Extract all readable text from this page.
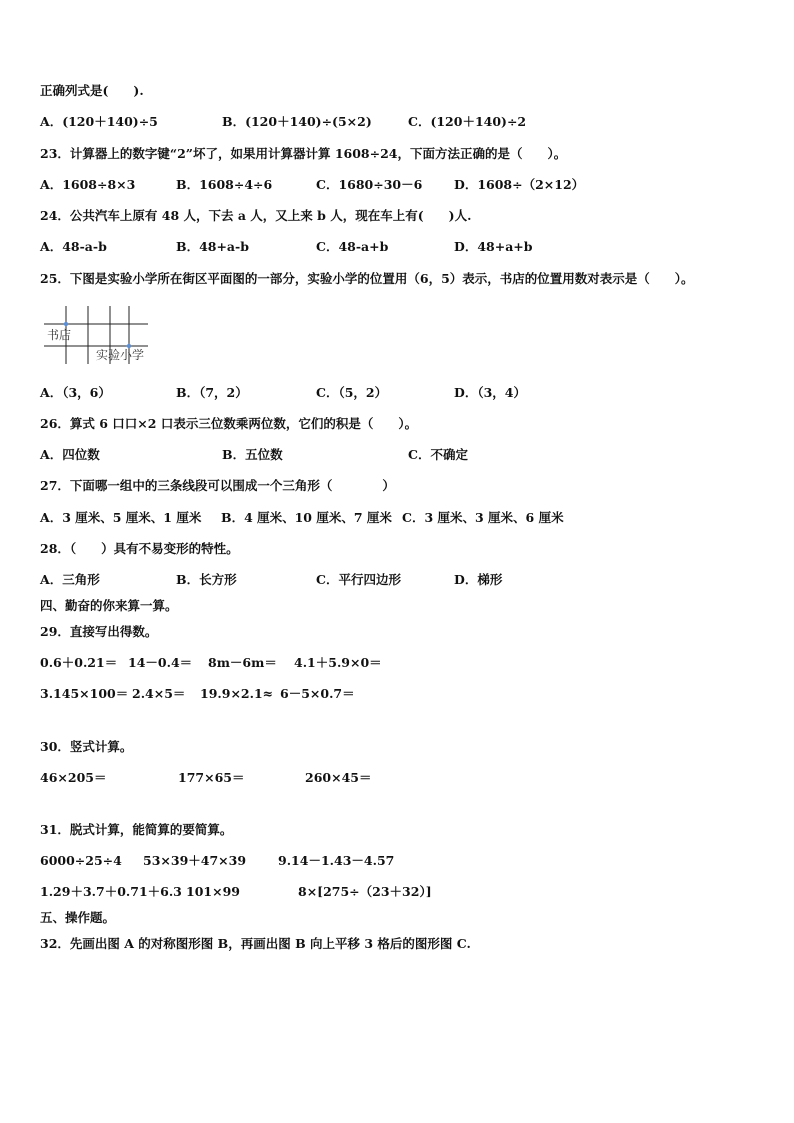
正确列式是(　　).
A．(120＋140)÷5	B．(120＋140)÷(5×2)	C．(120＋140)÷2
23．计算器上的数字键“2”坏了，如果用计算器计算 1608÷24，下面方法正确的是（　　）。
A．1608÷8×3	B．1608÷4÷6	C．1680÷30－6	D．1608÷（2×12）
24．公共汽车上原有 48 人，下去 a 人，又上来 b 人，现在车上有(　　)人.
A．48-a-b	B．48+a-b	C．48-a+b	D．48+a+b
25．下图是实验小学所在街区平面图的一部分，实验小学的位置用（6，5）表示，书店的位置用数对表示是（　　）。
书店
实验小学
A．（3，6）	B．（7，2）	C．（5，2）	D．（3，4）
26．算式 6 口口×2 口表示三位数乘两位数，它们的积是（　　）。
A．四位数	B．五位数	C．不确定
27．下面哪一组中的三条线段可以围成一个三角形（　　　　）
A．3 厘米、5 厘米、1 厘米 B．4 厘米、10 厘米、7 厘米 C．3 厘米、3 厘米、6 厘米
28．（　　）具有不易变形的特性。
A．三角形	B．长方形	C．平行四边形	D．梯形
四、勤奋的你来算一算。
29．直接写出得数。
0.6＋0.21＝ 14－0.4＝ 8m－6m＝ 4.1＋5.9×0＝
3.145×100＝ 2.4×5＝ 19.9×2.1≈ 6－5×0.7＝
30．竖式计算。
46×205＝	177×65＝	260×45＝
31．脱式计算，能简算的要简算。
6000÷25÷4 53×39＋47×39	9.14－1.43－4.57
1.29＋3.7＋0.71＋6.3 101×99	8×[275÷（23＋32）]
五、操作题。
32．先画出图 A 的对称图形图 B，再画出图 B 向上平移 3 格后的图形图 C.
